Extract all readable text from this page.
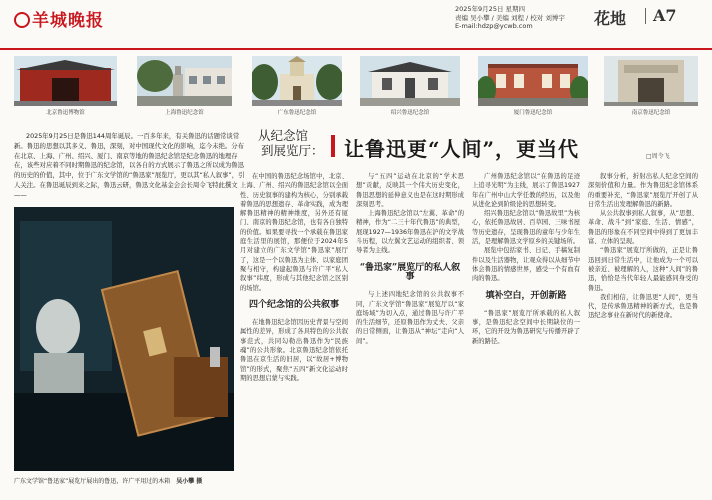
羊城晚报
2025年9月25日 星期四
责编 吴小攀 / 美编 刘程 / 校对 刘博宇
E-mail:hdzp@ycwb.com	花地 A7
北京鲁迅博物馆	上海鲁迅纪念馆	广东鲁迅纪念馆	绍兴鲁迅纪念馆	厦门鲁迅纪念馆	南京鲁迅纪念馆
2025年9月25日是鲁迅144周年诞辰。一百多年来，有关鲁迅的话题常谈常新。鲁迅的思想以其多义、鲁迅，深刻，对中国现代文化的影响，迄今未绝。分布在北京、上海、广州、绍兴、厦门、南京等地的鲁迅纪念馆是纪念鲁迅的地理存在，该些对应着不同时期鲁迅的纪念馆，以各自的方式展示了鲁迅之所以成为鲁迅的历史的价值，其中，位于广东文学馆的“鲁迅家”展览厅，更以其“私人叙事”，引人关注。在鲁迅诞辰到来之际，鲁迅云研，鲁迅文化基金会会长周令飞特此撰文——
从纪念馆
到展览厅： 让鲁迅更“人间”，更当代	□周令飞
广东文学馆“鲁迅家”展览厅展出的鲁迅，许广平用过的木箱 吴小攀 摄

在中国的鲁迅纪念场馆中，北京、上海、广州、绍兴的鲁迅纪念馆以全面性、历史叙事的建构为核心，分别承载着鲁迅的思想遗存、革命实践，成为理解鲁迅精神的精神维度，另外还有厦门、南京的鲁迅纪念馆，也有各自独特的价值。如果要寻找一个承载在鲁迅家庭生活里的展馆，那便位于2024年5月对建立的广东文学馆“鲁迅家”展厅了，这是一个以鲁迅为主体、以家庭团聚与相守，构建起鲁迅与许广平“私人叙事”纬度，形成与其他纪念馆之区别的场馆。

四个纪念馆的公共叙事

在地鲁迅纪念馆因历史背景与空间属性的差异，形成了各具特色的公共叙事范式，共同勾勒出鲁迅作为“民族魂”的公共形象。北京鲁迅纪念馆依托鲁迅在京生活的旧居，以“故居+博物馆”的形式，聚焦“五四”新文化运动时期的思想启蒙与实践。

与“五四”运动在北京的“学术思想”贡献，反映其一个伟大历史变化，鲁迅思想的延伸意义也是在这时期形成深刻思考。

上海鲁迅纪念馆以“左翼、革命”的精神，作为“二三十年代鲁迅”的典型，展现1927—1936年鲁迅在沪的文学战斗历程，以左翼文艺运动的组织者、领导者为主线。

“鲁迅家”展览厅的私人叙事

与上述四地纪念馆的公共叙事不同，广东文学馆“鲁迅家”展览厅以“家庭场域”为切入点，通过鲁迅与许广平的生活细节，还原鲁迅作为丈夫、父亲的日常侧面，让鲁迅从“神坛”走向“人间”。

广州鲁迅纪念馆以“在鲁迅的足迹上追寻光明”为主线，展示了鲁迅1927年在广州中山大学任教的经历，以及他从进化论到阶级论的思想转变。

绍兴鲁迅纪念馆以“鲁迅故里”为核心，依托鲁迅故居、百草园、三味书屋等历史遗存，呈现鲁迅的童年与少年生活，是理解鲁迅文学原乡的关键场所。

展览中包括家书、日记、手稿复制件以及生活器物，让观众得以从细节中体会鲁迅的情感世界，感受一个有血有肉的鲁迅。

填补空白，开创新路

“鲁迅家”展览厅所承载的私人叙事，是鲁迅纪念空间中长期缺位的一环，它的开设为鲁迅研究与传播开辟了新的路径。

叙事分析，折射出私人纪念空间的深刻价值和力量。作为鲁迅纪念馆体系的重要补充，“鲁迅家”展览厅开创了从日常生活出发理解鲁迅的新路。

从公共叙事到私人叙事，从“思想、革命、战斗”到“家庭、生活、情感”，鲁迅的形象在不同空间中得到了更加丰富、立体的呈现。

“鲁迅家”展览厅所做的，正是让鲁迅回到日常生活中，让他成为一个可以被亲近、被理解的人，这种“人间”的鲁迅，恰恰是当代年轻人最能感同身受的鲁迅。

我们相信，让鲁迅更“人间”，更当代，是传承鲁迅精神的新方式，也是鲁迅纪念事业在新时代的新使命。
